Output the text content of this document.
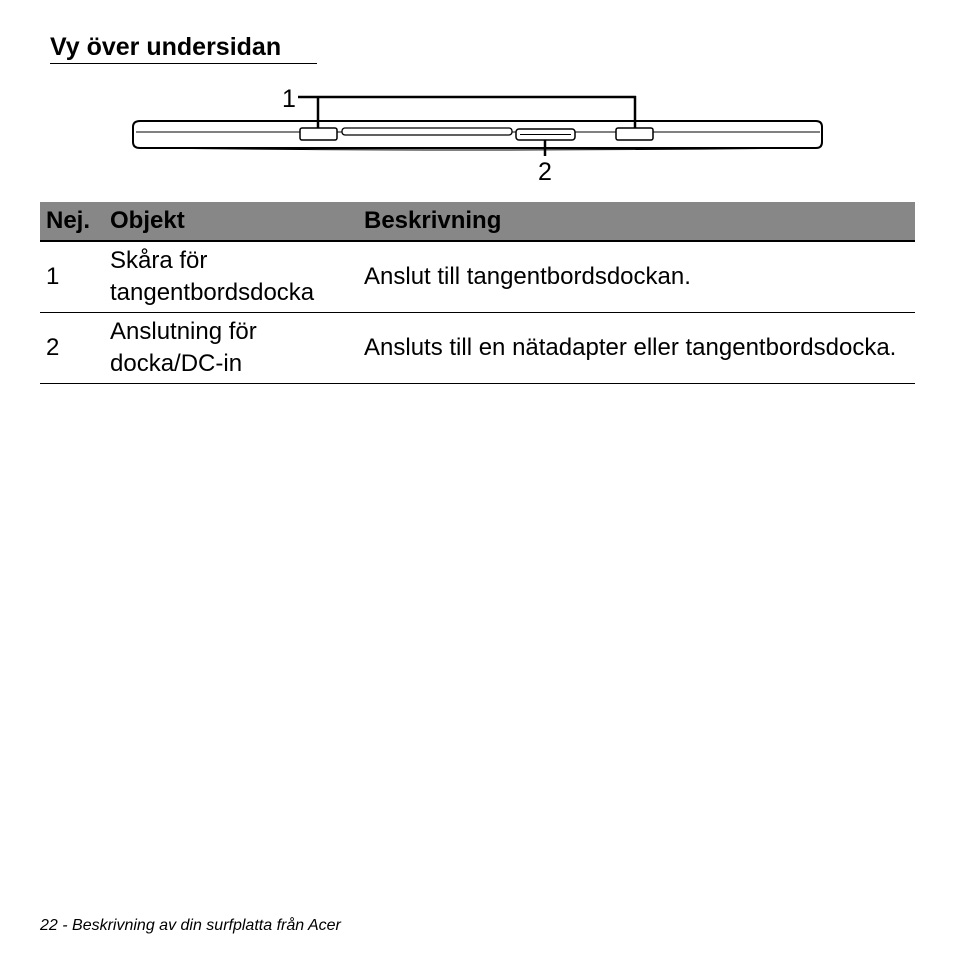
Vy över undersidan
1
2
Nej.	Objekt	Beskrivning
1	Skåra för tangentbordsdocka	Anslut till tangentbordsdockan.
2	Anslutning för docka/DC-in	Ansluts till en nätadapter eller tangentbordsdocka.
22 - Beskrivning av din surfplatta från Acer
